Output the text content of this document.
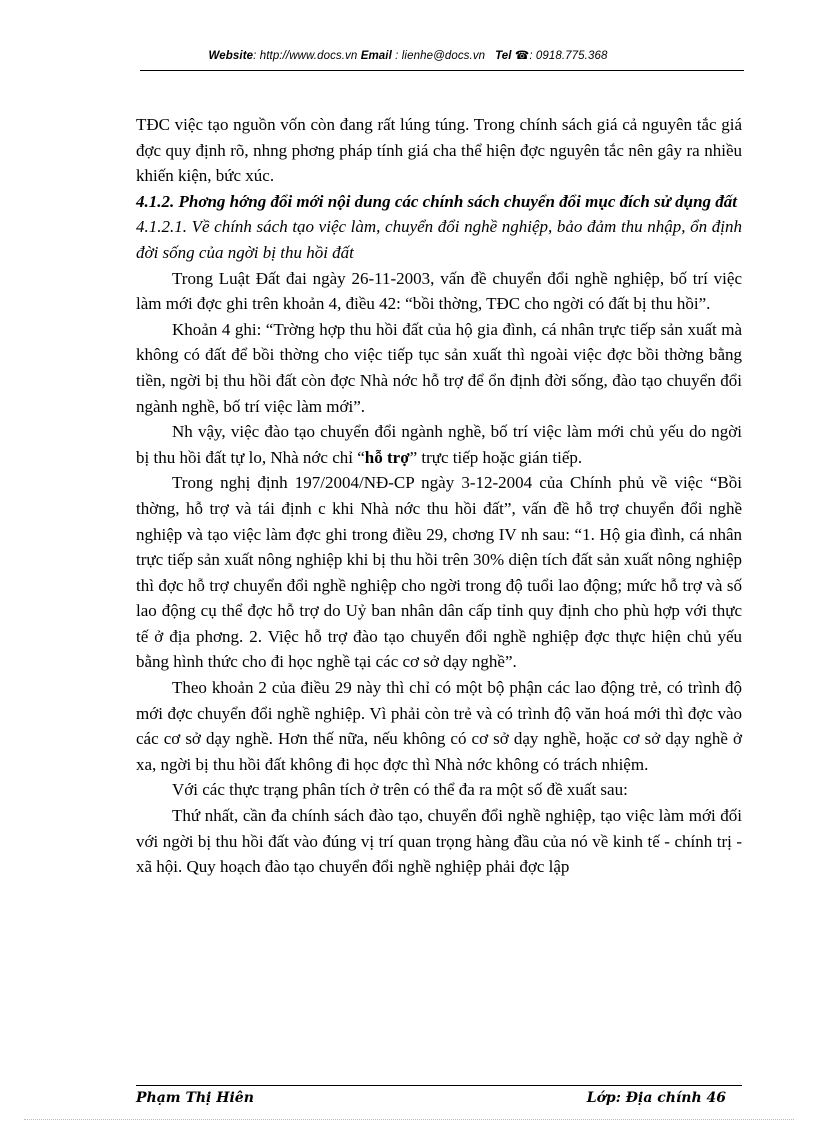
Website: http://www.docs.vn Email : lienhe@docs.vn Tel ☎: 0918.775.368

TĐC việc tạo nguồn vốn còn đang rất lúng túng. Trong chính sách giá cả nguyên tắc giá đợc quy định rõ, nhng phơng pháp tính giá cha thể hiện đợc nguyên tắc nên gây ra nhiều khiến kiện, bức xúc.

4.1.2. Phơng hớng đổi mới nội dung các chính sách chuyển đổi mục đích sử dụng đất

4.1.2.1. Về chính sách tạo việc làm, chuyển đổi nghề nghiệp, bảo đảm thu nhập, ổn định đời sống của ngời bị thu hồi đất

Trong Luật Đất đai ngày 26-11-2003, vấn đề chuyển đổi nghề nghiệp, bố trí việc làm mới đợc ghi trên khoản 4, điều 42: “bồi thờng, TĐC cho ngời có đất bị thu hồi”.

Khoản 4 ghi: “Trờng hợp thu hồi đất của hộ gia đình, cá nhân trực tiếp sản xuất mà không có đất để bồi thờng cho việc tiếp tục sản xuất thì ngoài việc đợc bồi thờng bằng tiền, ngời bị thu hồi đất còn đợc Nhà nớc hỗ trợ để ổn định đời sống, đào tạo chuyển đổi ngành nghề, bố trí việc làm mới”.

Nh vậy, việc đào tạo chuyển đổi ngành nghề, bố trí việc làm mới chủ yếu do ngời bị thu hồi đất tự lo, Nhà nớc chỉ “hỗ trợ” trực tiếp hoặc gián tiếp.

Trong nghị định 197/2004/NĐ-CP ngày 3-12-2004 của Chính phủ về việc “Bồi thờng, hỗ trợ và tái định c khi Nhà nớc thu hồi đất”, vấn đề hỗ trợ chuyển đổi nghề nghiệp và tạo việc làm đợc ghi trong điều 29, chơng IV nh sau: “1. Hộ gia đình, cá nhân trực tiếp sản xuất nông nghiệp khi bị thu hồi trên 30% diện tích đất sản xuất nông nghiệp thì đợc hỗ trợ chuyển đổi nghề nghiệp cho ngời trong độ tuổi lao động; mức hỗ trợ và số lao động cụ thể đợc hỗ trợ do Uỷ ban nhân dân cấp tỉnh quy định cho phù hợp với thực tế ở địa phơng. 2. Việc hỗ trợ đào tạo chuyển đổi nghề nghiệp đợc thực hiện chủ yếu bằng hình thức cho đi học nghề tại các cơ sở dạy nghề”.

Theo khoản 2 của điều 29 này thì chỉ có một bộ phận các lao động trẻ, có trình độ mới đợc chuyển đổi nghề nghiệp. Vì phải còn trẻ và có trình độ văn hoá mới thì đợc vào các cơ sở dạy nghề. Hơn thế nữa, nếu không có cơ sở dạy nghề, hoặc cơ sở dạy nghề ở xa, ngời bị thu hồi đất không đi học đợc thì Nhà nớc không có trách nhiệm.

Với các thực trạng phân tích ở trên có thể đa ra một số đề xuất sau:

Thứ nhất, cần đa chính sách đào tạo, chuyển đổi nghề nghiệp, tạo việc làm mới đối với ngời bị thu hồi đất vào đúng vị trí quan trọng hàng đầu của nó về kinh tế - chính trị - xã hội. Quy hoạch đào tạo chuyển đổi nghề nghiệp phải đợc lập

Phạm Thị Hiên	Lớp: Địa chính 46
